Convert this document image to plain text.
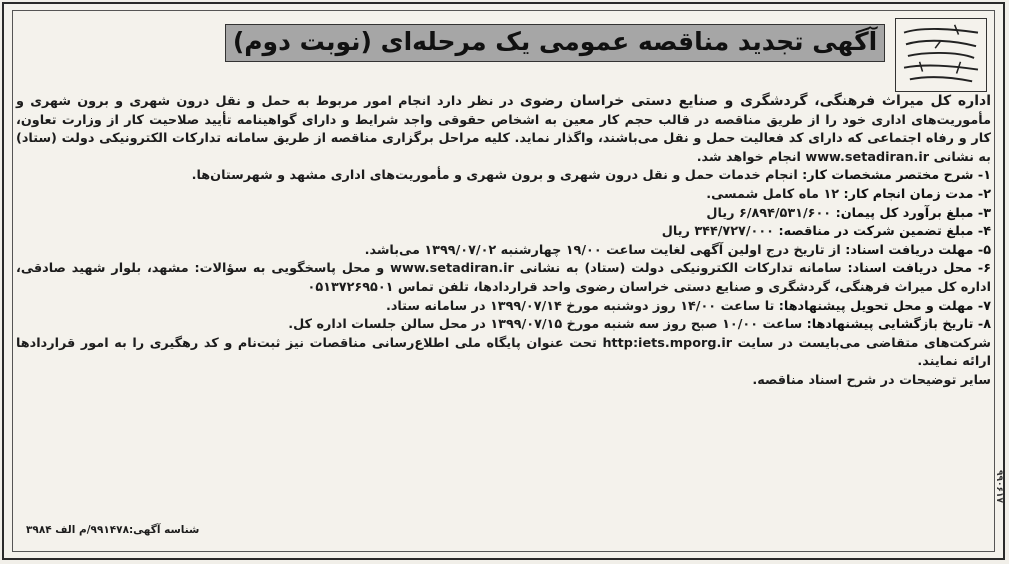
آگهی تجدید مناقصه عمومی یک مرحله‌ای (نوبت دوم)

اداره کل میراث فرهنگی، گردشگری و صنایع دستی خراسان رضوی در نظر دارد انجام امور مربوط به حمل و نقل درون شهری و برون شهری و مأموریت‌های اداری خود را از طریق مناقصه در قالب حجم کار معین به اشخاص حقوقی واجد شرایط و دارای گواهینامه تأیید صلاحیت کار از وزارت تعاون، کار و رفاه اجتماعی که دارای کد فعالیت حمل و نقل می‌باشند، واگذار نماید. کلیه مراحل برگزاری مناقصه از طریق سامانه تدارکات الکترونیکی دولت (ستاد) به نشانی www.setadiran.ir انجام خواهد شد.

۱- شرح مختصر مشخصات کار: انجام خدمات حمل و نقل درون شهری و برون شهری و مأموریت‌های اداری مشهد و شهرستان‌ها.

۲- مدت زمان انجام کار: ۱۲ ماه کامل شمسی.

۳- مبلغ برآورد کل پیمان: ۶/۸۹۴/۵۳۱/۶۰۰ ریال

۴- مبلغ تضمین شرکت در مناقصه: ۳۴۴/۷۲۷/۰۰۰ ریال

۵- مهلت دریافت اسناد: از تاریخ درج اولین آگهی لغایت ساعت ۱۹/۰۰ چهارشنبه ۱۳۹۹/۰۷/۰۲ می‌باشد.

۶- محل دریافت اسناد: سامانه تدارکات الکترونیکی دولت (ستاد) به نشانی www.setadiran.ir و محل پاسخگویی به سؤالات: مشهد، بلوار شهید صادقی، اداره کل میراث فرهنگی، گردشگری و صنایع دستی خراسان رضوی واحد قراردادها، تلفن تماس ۰۵۱۳۷۲۶۹۵۰۱

۷- مهلت و محل تحویل پیشنهادها: تا ساعت ۱۴/۰۰ روز دوشنبه مورخ ۱۳۹۹/۰۷/۱۴ در سامانه ستاد.

۸- تاریخ بازگشایی پیشنهادها: ساعت ۱۰/۰۰ صبح روز سه شنبه مورخ ۱۳۹۹/۰۷/۱۵ در محل سالن جلسات اداره کل.

شرکت‌های متقاضی می‌بایست در سایت http:iets.mporg.ir تحت عنوان پایگاه ملی اطلاع‌رسانی مناقصات نیز ثبت‌نام و کد رهگیری را به امور قراردادها ارائه نمایند.

سایر توضیحات در شرح اسناد مناقصه.

شناسه آگهی:۹۹۱۴۷۸/م الف ۳۹۸۴
۹۹۰۶۱۷
